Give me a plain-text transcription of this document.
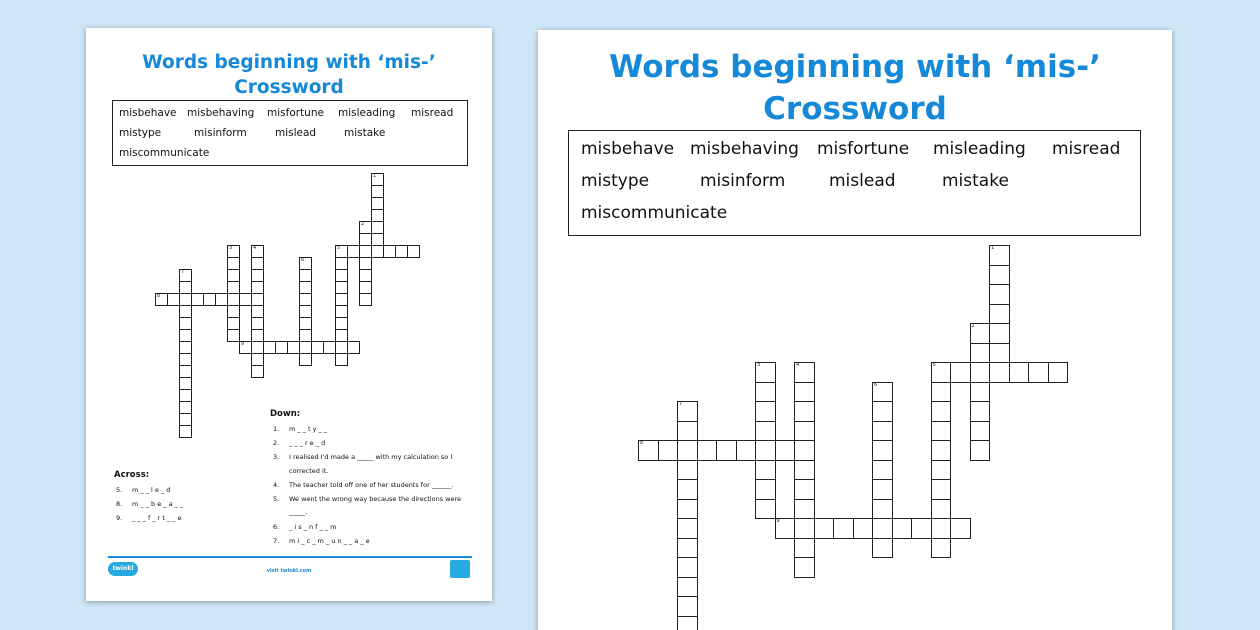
Words beginning with ‘mis-’
Crossword
misbehave misbehaving misfortune misleading misread
mistype	misinform	mislead	mistake
miscommunicate
1
2
3	4	5
6
7
8
9
Down:
1. m _ _ t y _ _
2. _ _ _ r e _ d
3. I realised I'd made a _____ with my calculation so I
corrected it.
4. The teacher told off one of her students for ______.
5. We went the wrong way because the directions were
_____.
6. _ i s _ n f _ _ m
7. m i _ c _ m _ u n _ _ a _ e
Across:
5. m _ _ l e _ d
8. m _ _ b e _ a _ _
9. _ _ _ f _ r t _ _ e
twinkl	visit twinkl.com
Words beginning with ‘mis-’
Crossword
misbehave misbehaving misfortune misleading misread
mistype	misinform	mislead	mistake
miscommunicate
1
2
3	4	5
6
7
8
9
